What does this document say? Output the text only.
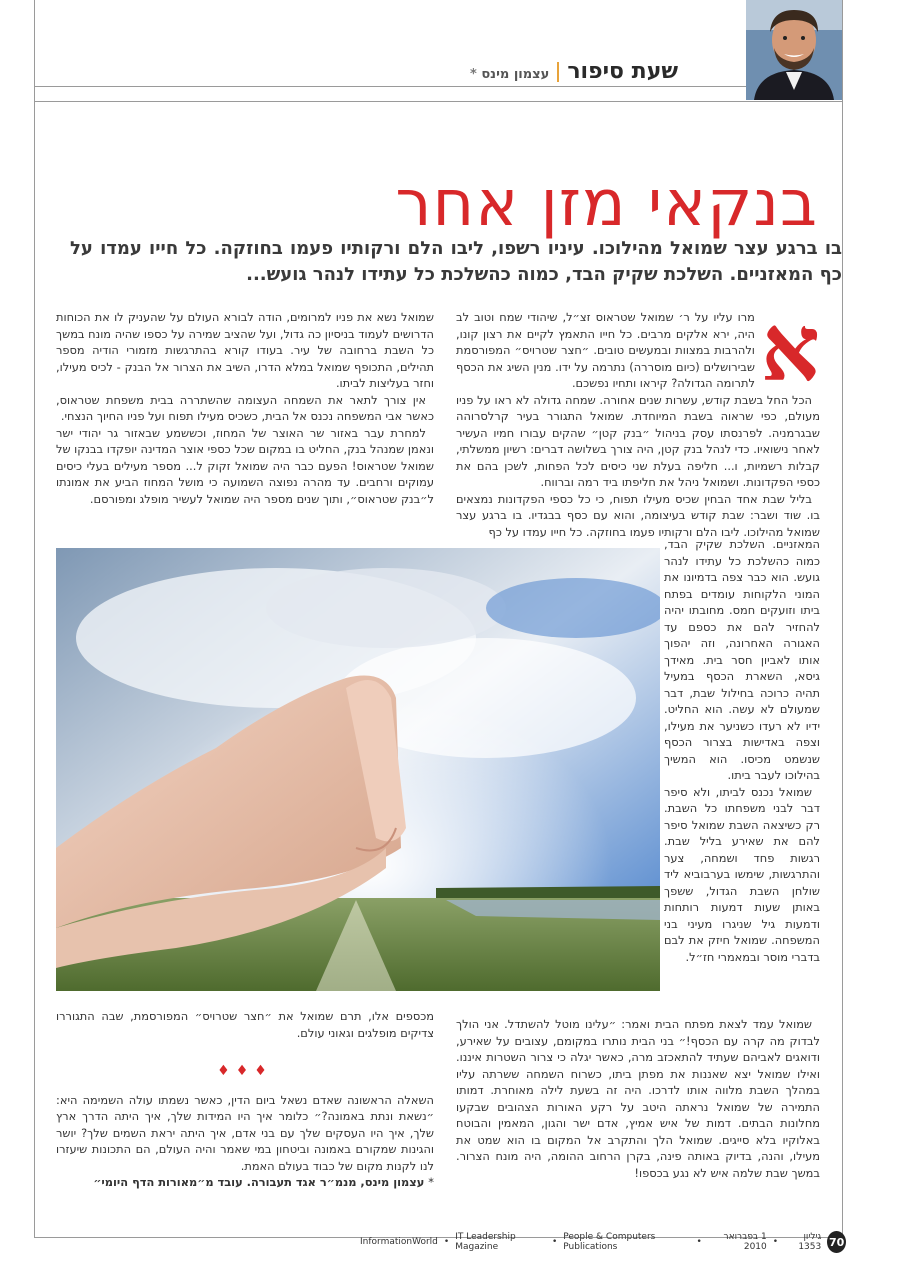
שעת סיפור
עצמון מינס *
בנקאי מזן אחר
בו ברגע עצר שמואל מהילוכו. עיניו רשפו, ליבו הלם ורקותיו פעמו בחוזקה. כל חייו עמדו על כף המאזניים. השלכת שקיק הבד, כמוה כהשלכת כל עתידו לנהר גועש...
א

מרו עליו על ר׳ שמואל שטראוס זצ״ל, שיהודי שמח וטוב לב היה, ירא אלקים מרבים. כל חייו התאמץ לקיים את רצון קונו, ולהרבות במצוות ובמעשים טובים. ״חצר שטרויס״ המפורסמת שבירושלים (כיום מוסררה) נתרמה על ידו. מנין השיג את הכסף לתרומה הגדולה? קיראו ותחיו נפשכם.

הכל החל בשבת קודש, עשרות שנים אחורה. שמחה גדולה לא ראו על פניו מעולם, כפי שראוה בשבת המיוחדת. שמואל התגורר בעיר קרלסרוהה שבגרמניה. לפרנסתו עסק בניהול ״בנק קטן״ שהקים עבורו חמיו העשיר לאחר נישואיו. כדי לנהל בנק קטן, היה צורך בשלושה דברים: רשיון ממשלתי, קבלות רשמיות, ו... חליפה בעלת שני כיסים לכל הפחות, לשכן בהם את כספי הפקדונות. ושמואל ניהל את חליפתו ביד רמה וברווח.

בליל שבת אחד הבחין שכיס מעילו תפוח, כי כל כספי הפקדונות נמצאים בו. שוד ושבר: שבת קודש בעיצומה, והוא עם כסף בבגדיו. בו ברגע עצר שמואל מהילוכו. ליבו הלם ורקותיו פעמו בחוזקה. כל חייו עמדו על כף

שמואל נשא את פניו למרומים, הודה לבורא העולם על שהעניק לו את הכוחות הדרושים לעמוד בניסיון כה גדול, ועל שהציב שמירה על כספו שהיה מונח במשך כל השבת ברחובה של עיר. בעודו קורא בהתרגשות מזמורי הודיה מספר תהילים, התכופף שמואל במלא הדרו, השיב את הצרור אל הבנק - לכיס מעילו, וחזר בעליצות לביתו.

אין צורך לתאר את השמחה העצומה שהשתררה בבית משפחת שטראוס, כאשר אבי המשפחה נכנס אל הבית, כשכיס מעילו תפוח ועל פניו החיוך הנצחי.

למחרת עבר באזור שר האוצר של המחוז, וכששמע שבאזור גר יהודי ישר ונאמן שמנהל בנק, החליט בו במקום שכל כספי אוצר המדינה יופקדו בבנקו של שמואל שטראוס! הפעם כבר היה שמואל זקוק ל... מספר מעילים בעלי כיסים עמוקים ורחבים. עד מהרה נפוצה השמועה כי מושל המחוז הביע את אמונתו ל״בנק שטראוס״, ותוך שנים מספר היה שמואל לעשיר מופלג ומפורסם.

המאזניים. השלכת שקיק הבד, כמוה כהשלכת כל עתידו לנהר גועש. הוא כבר צפה בדמיונו את המוני הלקוחות עומדים בפתח ביתו וזועקים חמס. מחובתו יהיה להחזיר להם את כספם עד האגורה האחרונה, וזה יהפוך אותו לאביון חסר בית. מאידך גיסא, השארת הכסף במעיל תהיה כרוכה בחילול שבת, דבר שמעולם לא עשה. הוא החליט. ידיו לא רעדו כשניער את מעילו, וצפה באדישות בצרור הכסף שנשמט מכיסו. הוא המשיך בהילוכו לעבר ביתו.

שמואל נכנס לביתו, ולא סיפר דבר לבני משפחתו כל השבת. רק כשיצאה השבת שמואל סיפר להם את שאירע בליל שבת. רגשות פחד ושמחה, צער והתרגשות, שימשו בערבוביא ליד שולחן השבת הגדול, ששפך באותן שעות דמעות רותחות ודמעות גיל שניגרו מעיני בני המשפחה. שמואל חיזק את לבם בדברי מוסר ובמאמרי חז״ל.

שמואל עמד לצאת מפתח הבית ואמר: ״עלינו מוטל להשתדל. אני הולך לבדוק מה קרה עם הכסף!״ בני הבית נותרו במקומם, עצובים על שאירע, ודואגים לאביהם שעתיד להתאכזב מרה, כאשר יגלה כי צרור השטרות איננו. ואילו שמואל יצא שאננות את מפתן ביתו, כשרוח השמחה ששרתה עליו במהלך השבת מלווה אותו לדרכו. היה זה בשעת לילה מאוחרת. דמותו התמירה של שמואל נראתה היטב על רקע האורות הצהובים שבקעו מחלונות הבתים. דמות של איש אמיץ, אדם ישר והגון, המאמין והבוטח באלוקיו בלא סייגים. שמואל הלך והתקרב אל המקום בו הוא שמט את מעילו, והנה, בדיוק באותה פינה, בקרן הרחוב ההומה, היה מונח הצרור. במשך שבת שלמה איש לא נגע בכספו!

מכספים אלו, תרם שמואל את ״חצר שטרויס״ המפורסמת, שבה התגוררו צדיקים מופלגים וגאוני עולם.

♦♦♦

השאלה הראשונה שאדם נשאל ביום הדין, כאשר נשמתו עולה השמימה היא: ״נשאת ונתת באמונה?״ כלומר איך היו המידות שלך, איך היתה הדרך ארץ שלך, איך היו העסקים שלך עם בני אדם, איך היתה יראת השמים שלך? יושר והגינות שמקורם באמונה וביטחון במי שאמר והיה העולם, הם התכונות שיעזרו לנו לקנות מקום של כבוד בעולם האמת.

* עצמון מינס, מנמ״ר אגד תעבורה. עובד מ״מאורות הדף היומי״

InformationWorld • IT Leadership Magazine	• People & Computers Publications	•	1 בפברואר 2010 •	גיליון 1353 70
